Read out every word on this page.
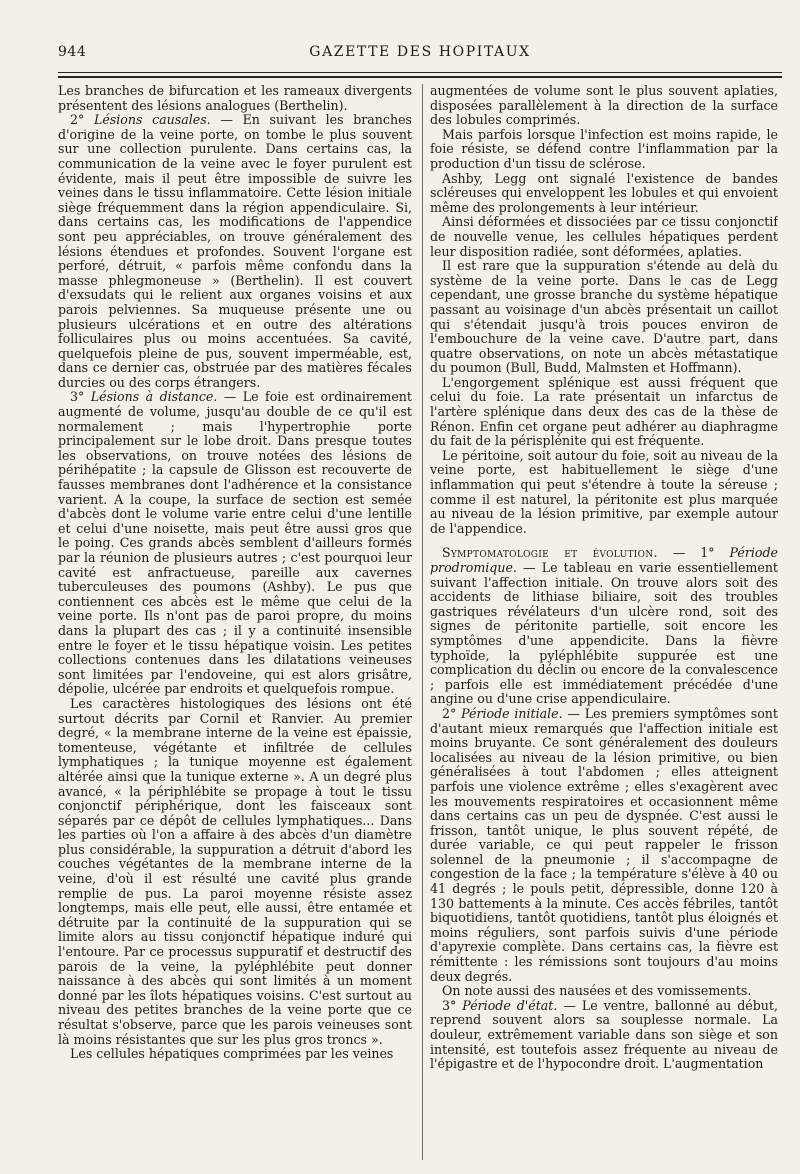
944	GAZETTE DES HOPITAUX

Les branches de bifurcation et les rameaux divergents présentent des lésions analogues (Berthelin).

2° Lésions causales. — En suivant les branches d'origine de la veine porte, on tombe le plus souvent sur une collection purulente. Dans certains cas, la communication de la veine avec le foyer purulent est évidente, mais il peut être impossible de suivre les veines dans le tissu inflammatoire. Cette lésion initiale siège fréquemment dans la région appendiculaire. Si, dans certains cas, les modifications de l'appendice sont peu appréciables, on trouve généralement des lésions étendues et profondes. Souvent l'organe est perforé, détruit, « parfois même confondu dans la masse phlegmoneuse » (Berthelin). Il est couvert d'exsudats qui le relient aux organes voisins et aux parois pelviennes. Sa muqueuse présente une ou plusieurs ulcérations et en outre des altérations folliculaires plus ou moins accentuées. Sa cavité, quelquefois pleine de pus, souvent imperméable, est, dans ce dernier cas, obstruée par des matières fécales durcies ou des corps étrangers.

3° Lésions à distance. — Le foie est ordinairement augmenté de volume, jusqu'au double de ce qu'il est normalement ; mais l'hypertrophie porte principalement sur le lobe droit. Dans presque toutes les observations, on trouve notées des lésions de périhépatite ; la capsule de Glisson est recouverte de fausses membranes dont l'adhérence et la consistance varient. A la coupe, la surface de section est semée d'abcès dont le volume varie entre celui d'une lentille et celui d'une noisette, mais peut être aussi gros que le poing. Ces grands abcès semblent d'ailleurs formés par la réunion de plusieurs autres ; c'est pourquoi leur cavité est anfractueuse, pareille aux cavernes tuberculeuses des poumons (Ashby). Le pus que contiennent ces abcès est le même que celui de la veine porte. Ils n'ont pas de paroi propre, du moins dans la plupart des cas ; il y a continuité insensible entre le foyer et le tissu hépatique voisin. Les petites collections contenues dans les dilatations veineuses sont limitées par l'endoveine, qui est alors grisâtre, dépolie, ulcérée par endroits et quelquefois rompue.

Les caractères histologiques des lésions ont été surtout décrits par Cornil et Ranvier. Au premier degré, « la membrane interne de la veine est épaissie, tomenteuse, végétante et infiltrée de cellules lymphatiques ; la tunique moyenne est également altérée ainsi que la tunique externe ». A un degré plus avancé, « la périphlébite se propage à tout le tissu conjonctif périphérique, dont les faisceaux sont séparés par ce dépôt de cellules lymphatiques... Dans les parties où l'on a affaire à des abcès d'un diamètre plus considérable, la suppuration a détruit d'abord les couches végétantes de la membrane interne de la veine, d'où il est résulté une cavité plus grande remplie de pus. La paroi moyenne résiste assez longtemps, mais elle peut, elle aussi, être entamée et détruite par la continuité de la suppuration qui se limite alors au tissu conjonctif hépatique induré qui l'entoure. Par ce processus suppuratif et destructif des parois de la veine, la pyléphlébite peut donner naissance à des abcès qui sont limités à un moment donné par les îlots hépatiques voisins. C'est surtout au niveau des petites branches de la veine porte que ce résultat s'observe, parce que les parois veineuses sont là moins résistantes que sur les plus gros troncs ».

Les cellules hépatiques comprimées par les veines

augmentées de volume sont le plus souvent aplaties, disposées parallèlement à la direction de la surface des lobules comprimés.

Mais parfois lorsque l'infection est moins rapide, le foie résiste, se défend contre l'inflammation par la production d'un tissu de sclérose.

Ashby, Legg ont signalé l'existence de bandes scléreuses qui enveloppent les lobules et qui envoient même des prolongements à leur intérieur.

Ainsi déformées et dissociées par ce tissu conjonctif de nouvelle venue, les cellules hépatiques perdent leur disposition radiée, sont déformées, aplaties.

Il est rare que la suppuration s'étende au delà du système de la veine porte. Dans le cas de Legg cependant, une grosse branche du système hépatique passant au voisinage d'un abcès présentait un caillot qui s'étendait jusqu'à trois pouces environ de l'embouchure de la veine cave. D'autre part, dans quatre observations, on note un abcès métastatique du poumon (Bull, Budd, Malmsten et Hoffmann).

L'engorgement splénique est aussi fréquent que celui du foie. La rate présentait un infarctus de l'artère splénique dans deux des cas de la thèse de Rénon. Enfin cet organe peut adhérer au diaphragme du fait de la périsplénite qui est fréquente.

Le péritoine, soit autour du foie, soit au niveau de la veine porte, est habituellement le siège d'une inflammation qui peut s'étendre à toute la séreuse ; comme il est naturel, la péritonite est plus marquée au niveau de la lésion primitive, par exemple autour de l'appendice.

Symptomatologie et évolution. — 1° Période prodromique. — Le tableau en varie essentiellement suivant l'affection initiale. On trouve alors soit des accidents de lithiase biliaire, soit des troubles gastriques révélateurs d'un ulcère rond, soit des signes de péritonite partielle, soit encore les symptômes d'une appendicite. Dans la fièvre typhoïde, la pyléphlébite suppurée est une complication du déclin ou encore de la convalescence ; parfois elle est immédiatement précédée d'une angine ou d'une crise appendiculaire.

2° Période initiale. — Les premiers symptômes sont d'autant mieux remarqués que l'affection initiale est moins bruyante. Ce sont généralement des douleurs localisées au niveau de la lésion primitive, ou bien généralisées à tout l'abdomen ; elles atteignent parfois une violence extrême ; elles s'exagèrent avec les mouvements respiratoires et occasionnent même dans certains cas un peu de dyspnée. C'est aussi le frisson, tantôt unique, le plus souvent répété, de durée variable, ce qui peut rappeler le frisson solennel de la pneumonie ; il s'accompagne de congestion de la face ; la température s'élève à 40 ou 41 degrés ; le pouls petit, dépressible, donne 120 à 130 battements à la minute. Ces accès fébriles, tantôt biquotidiens, tantôt quotidiens, tantôt plus éloignés et moins réguliers, sont parfois suivis d'une période d'apyrexie complète. Dans certains cas, la fièvre est rémittente : les rémissions sont toujours d'au moins deux degrés.

On note aussi des nausées et des vomissements.

3° Période d'état. — Le ventre, ballonné au début, reprend souvent alors sa souplesse normale. La douleur, extrêmement variable dans son siège et son intensité, est toutefois assez fréquente au niveau de l'épigastre et de l'hypocondre droit. L'augmentation
